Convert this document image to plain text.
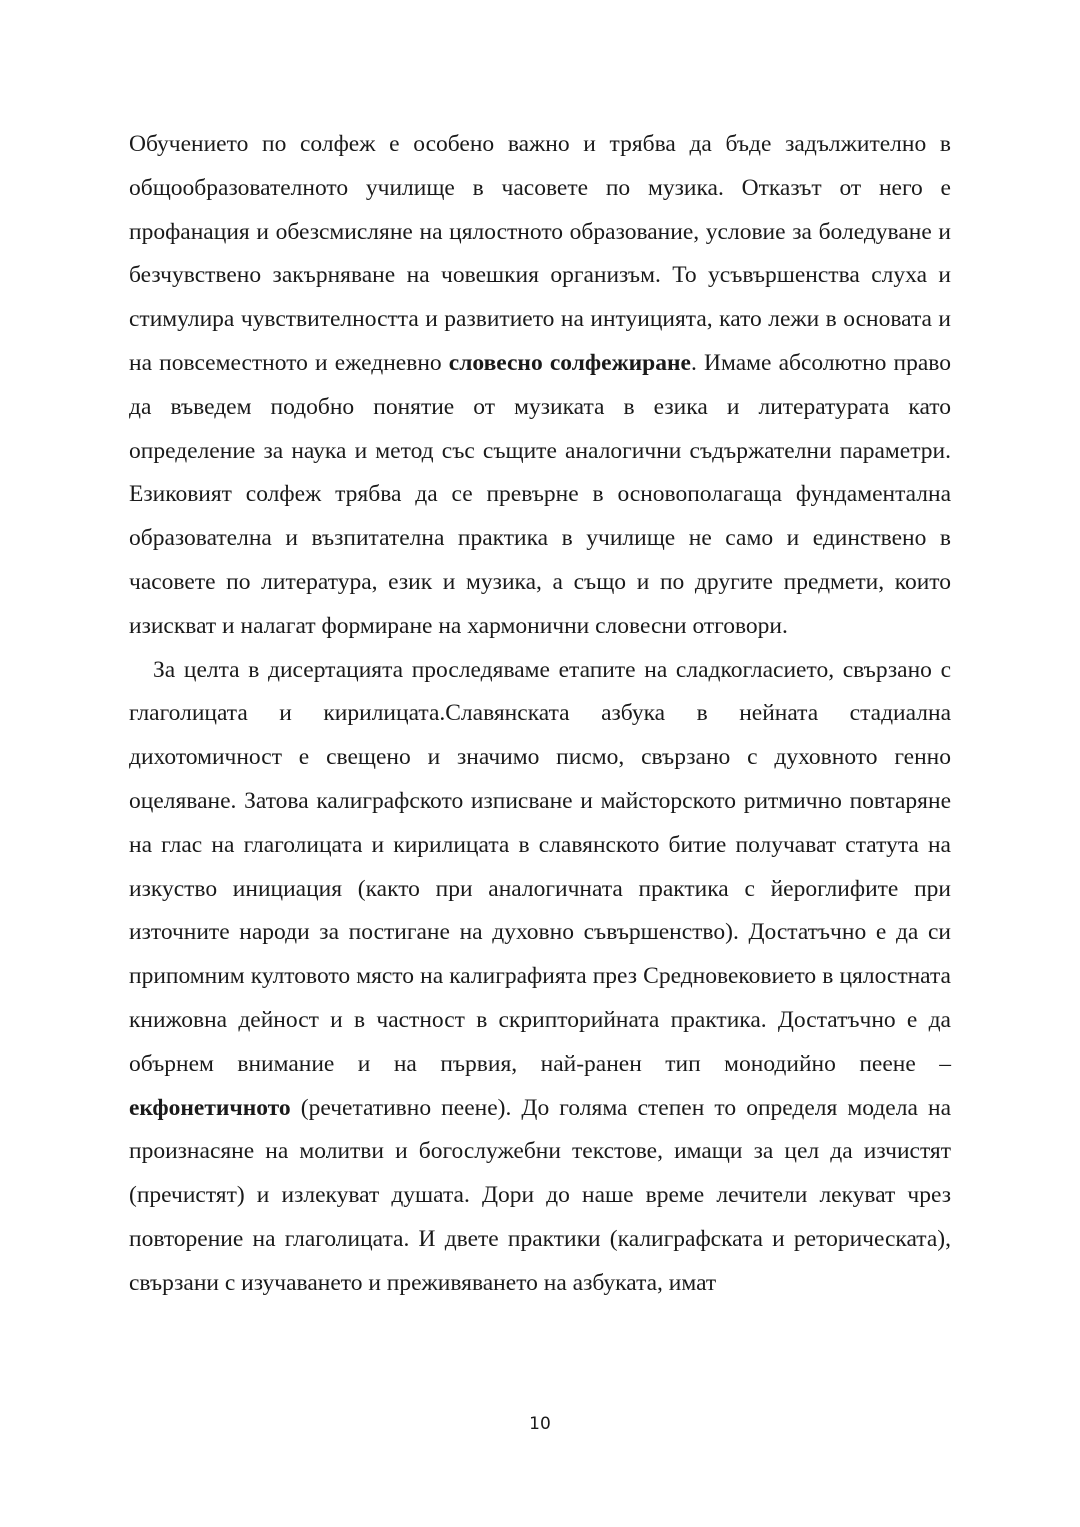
Обучението по солфеж е особено важно и трябва да бъде задължително в общообразователното училище в часовете по музика. Отказът от него е профанация и обезсмисляне на цялостното образование, условие за боледуване и безчувствено закърняване на човешкия организъм. То усъвършенства слуха и стимулира чувствителността и развитието на интуицията, като лежи в основата и на повсеместното и ежедневно словесно солфежиране. Имаме абсолютно право да въведем подобно понятие от музиката в езика и литературата като определение за наука и метод със същите аналогични съдържателни параметри. Езиковият солфеж трябва да се превърне в основополагаща фундаментална образователна и възпитателна практика в училище не само и единствено в часовете по литература, език и музика, а също и по другите предмети, които изискват и налагат формиране на хармонични словесни отговори.

За целта в дисертацията проследяваме етапите на сладкогласието, свързано с глаголицата и кирилицата.Славянската азбука в нейната стадиална дихотомичност е свещено и значимо писмо, свързано с духовното генно оцеляване. Затова калиграфското изписване и майсторското ритмично повтаряне на глас на глаголицата и кирилицата в славянското битие получават статута на изкуство инициация (както при аналогичната практика с йероглифите при източните народи за постигане на духовно съвършенство). Достатъчно е да си припомним култовото място на калиграфията през Средновековието в цялостната книжовна дейност и в частност в скрипторийната практика. Достатъчно е да обърнем внимание и на първия, най-ранен тип монодийно пеене – екфонетичното (речетативно пеене). До голяма степен то определя модела на произнасяне на молитви и богослужебни текстове, имащи за цел да изчистят (пречистят) и излекуват душата. Дори до наше време лечители лекуват чрез повторение на глаголицата. И двете практики (калиграфската и реторическата), свързани с изучаването и преживяването на азбуката, имат

10
